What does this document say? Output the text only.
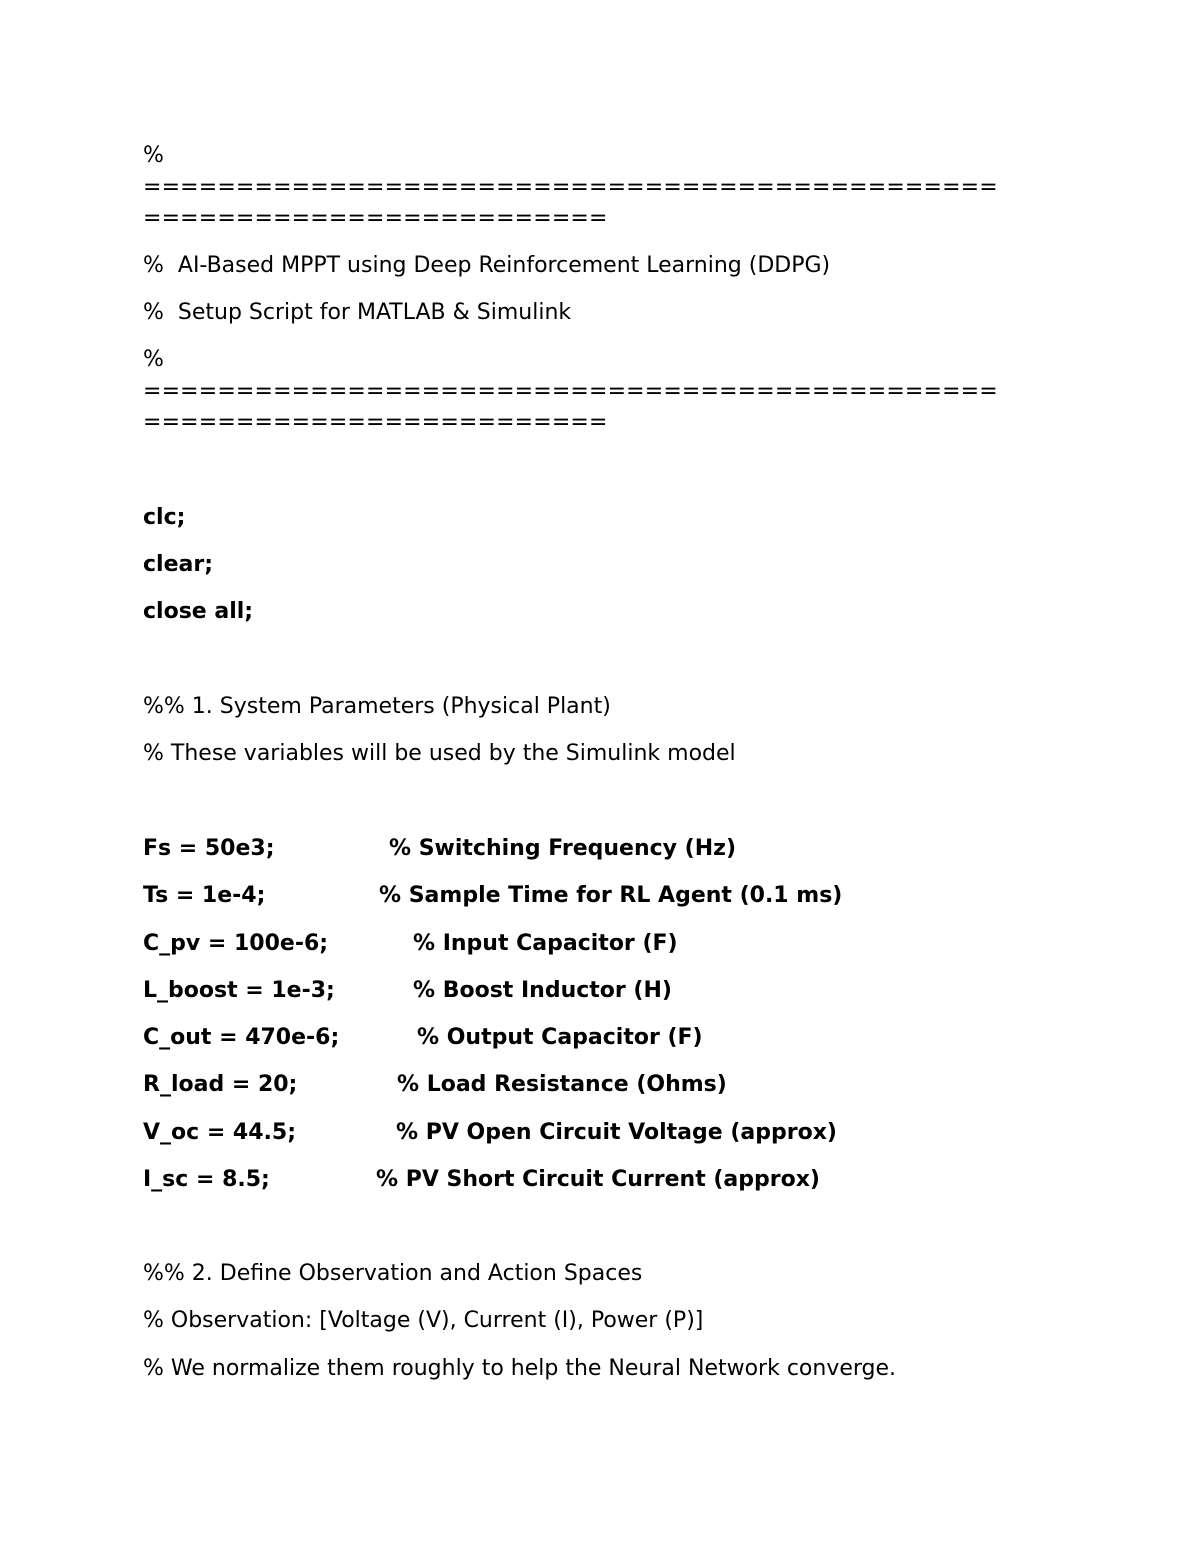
%
==============================================
=========================
%  AI-Based MPPT using Deep Reinforcement Learning (DDPG)
%  Setup Script for MATLAB & Simulink
%
==============================================
=========================
clc;
clear;
close all;
%% 1. System Parameters (Physical Plant)
% These variables will be used by the Simulink model
Fs = 50e3;	% Switching Frequency (Hz)
Ts = 1e-4;	% Sample Time for RL Agent (0.1 ms)
C_pv = 100e-6;	% Input Capacitor (F)
L_boost = 1e-3;	% Boost Inductor (H)
C_out = 470e-6;	% Output Capacitor (F)
R_load = 20;	% Load Resistance (Ohms)
V_oc = 44.5;	% PV Open Circuit Voltage (approx)
I_sc = 8.5;	% PV Short Circuit Current (approx)
%% 2. Define Observation and Action Spaces
% Observation: [Voltage (V), Current (I), Power (P)]
% We normalize them roughly to help the Neural Network converge.
